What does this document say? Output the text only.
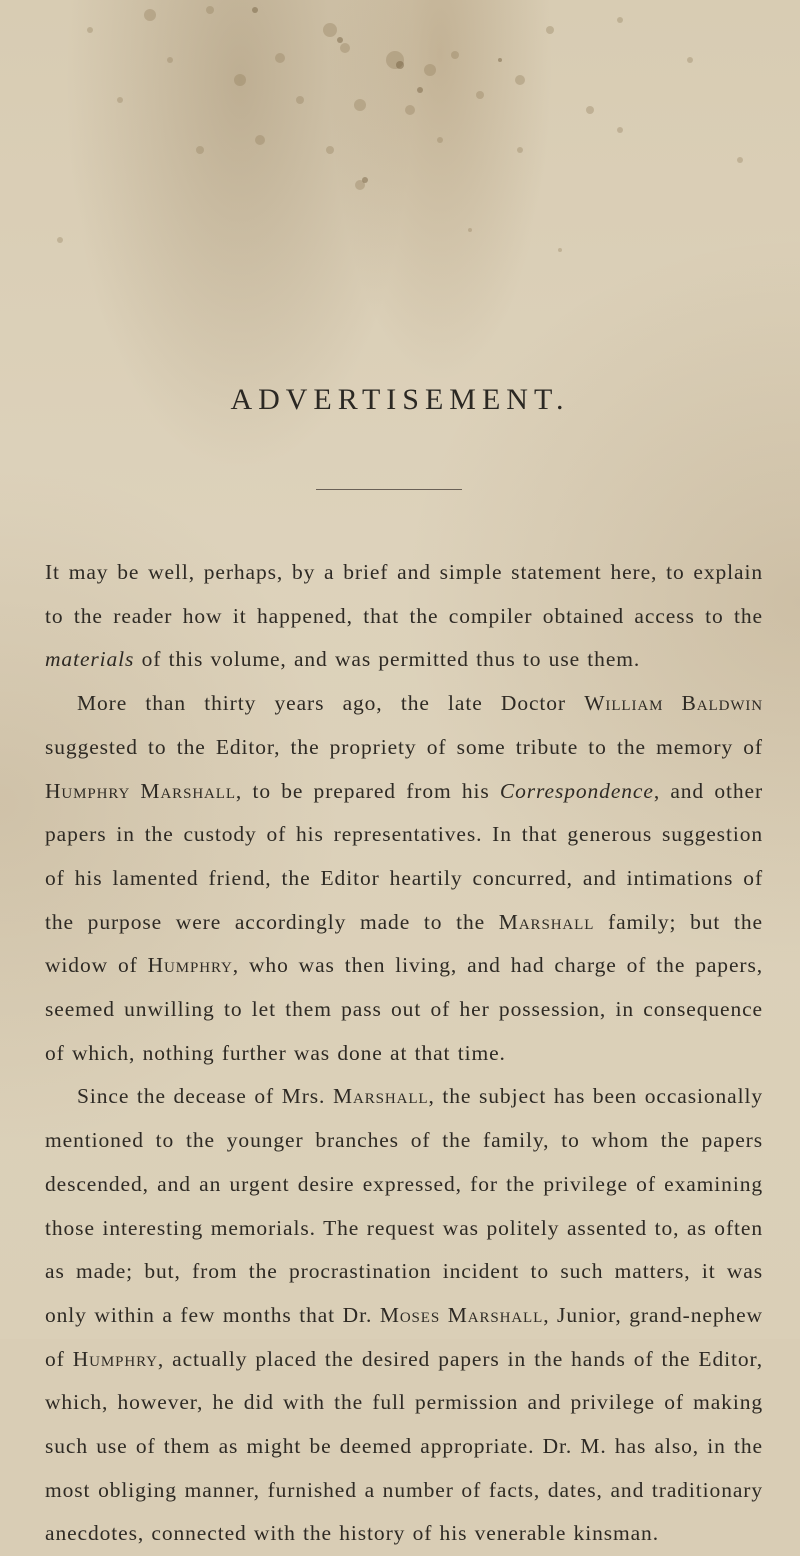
ADVERTISEMENT.

It may be well, perhaps, by a brief and simple statement here, to explain to the reader how it happened, that the compiler obtained access to the materials of this volume, and was permitted thus to use them.

More than thirty years ago, the late Doctor William Baldwin suggested to the Editor, the propriety of some tribute to the memory of Humphry Marshall, to be prepared from his Correspondence, and other papers in the custody of his representatives. In that generous suggestion of his lamented friend, the Editor heartily concurred, and intimations of the purpose were accordingly made to the Marshall family; but the widow of Humphry, who was then living, and had charge of the papers, seemed unwilling to let them pass out of her possession, in consequence of which, nothing further was done at that time.

Since the decease of Mrs. Marshall, the subject has been occasionally mentioned to the younger branches of the family, to whom the papers descended, and an urgent desire expressed, for the privilege of examining those interesting memorials. The request was politely assented to, as often as made; but, from the procrastination incident to such matters, it was only within a few months that Dr. Moses Marshall, Junior, grand-nephew of Humphry, actually placed the desired papers in the hands of the Editor, which, however, he did with the full permission and privilege of making such use of them as might be deemed appropriate. Dr. M. has also, in the most obliging manner, furnished a number of facts, dates, and traditionary anecdotes, connected with the history of his venerable kinsman.
